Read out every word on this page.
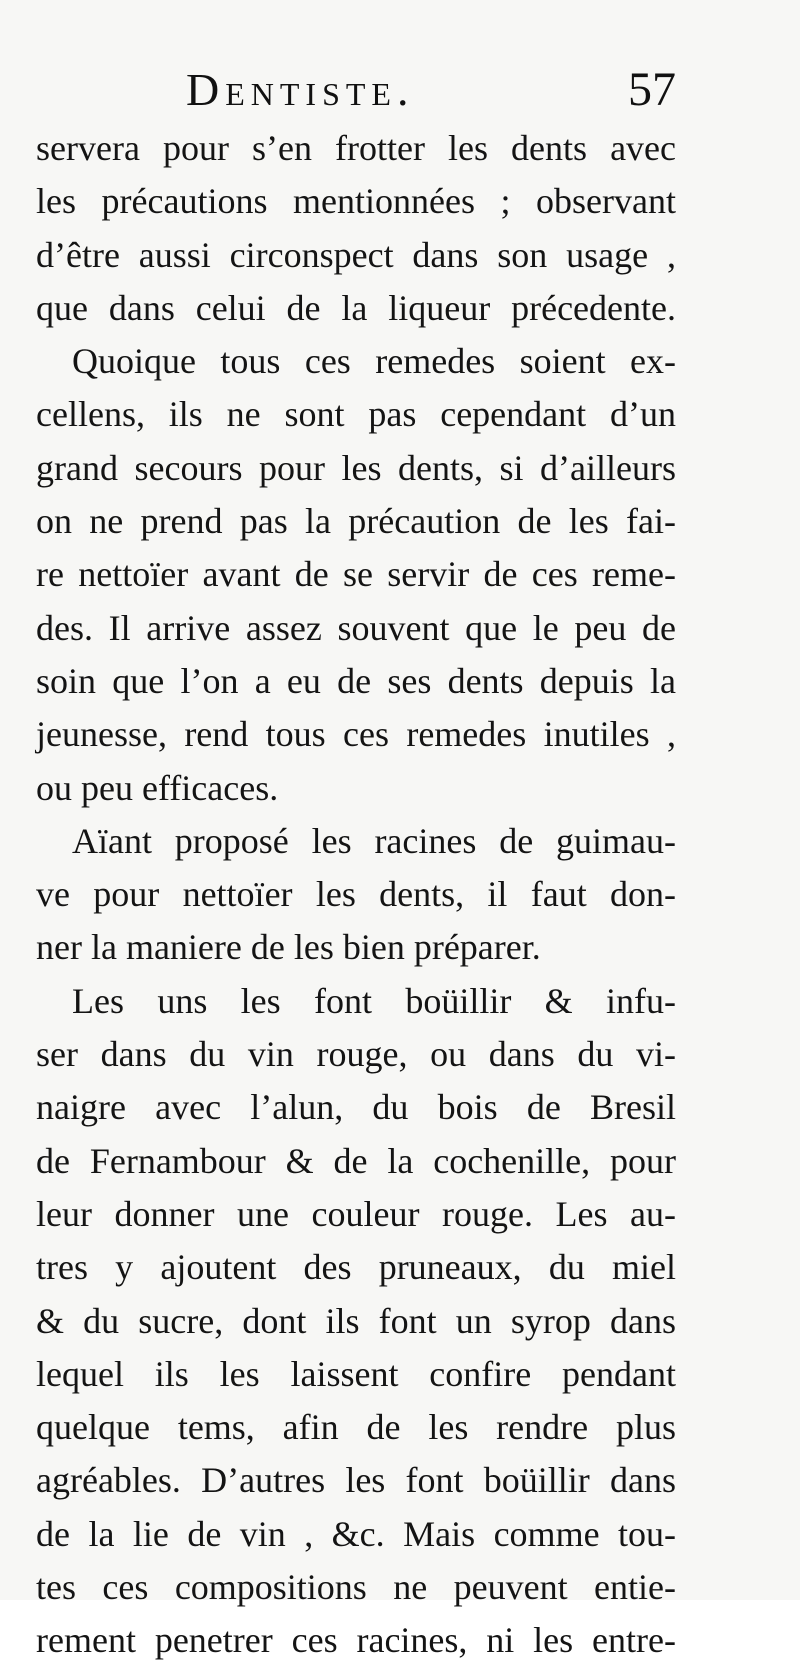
Dentiste.	57
servera pour s’en frotter les dents avec
les précautions mentionnées ; observant
d’être aussi circonspect dans son usage ,
que dans celui de la liqueur précedente.
Quoique tous ces remedes soient ex-
cellens, ils ne sont pas cependant d’un
grand secours pour les dents, si d’ailleurs
on ne prend pas la précaution de les fai-
re nettoïer avant de se servir de ces reme-
des. Il arrive assez souvent que le peu de
soin que l’on a eu de ses dents depuis la
jeunesse, rend tous ces remedes inutiles ,
ou peu efficaces.
Aïant proposé les racines de guimau-
ve pour nettoïer les dents, il faut don-
ner la maniere de les bien préparer.
Les uns les font boüillir & infu-
ser dans du vin rouge, ou dans du vi-
naigre avec l’alun, du bois de Bresil
de Fernambour & de la cochenille, pour
leur donner une couleur rouge. Les au-
tres y ajoutent des pruneaux, du miel
& du sucre, dont ils font un syrop dans
lequel ils les laissent confire pendant
quelque tems, afin de les rendre plus
agréables. D’autres les font boüillir dans
de la lie de vin , &c. Mais comme tou-
tes ces compositions ne peuvent entie-
rement penetrer ces racines, ni les entre-
